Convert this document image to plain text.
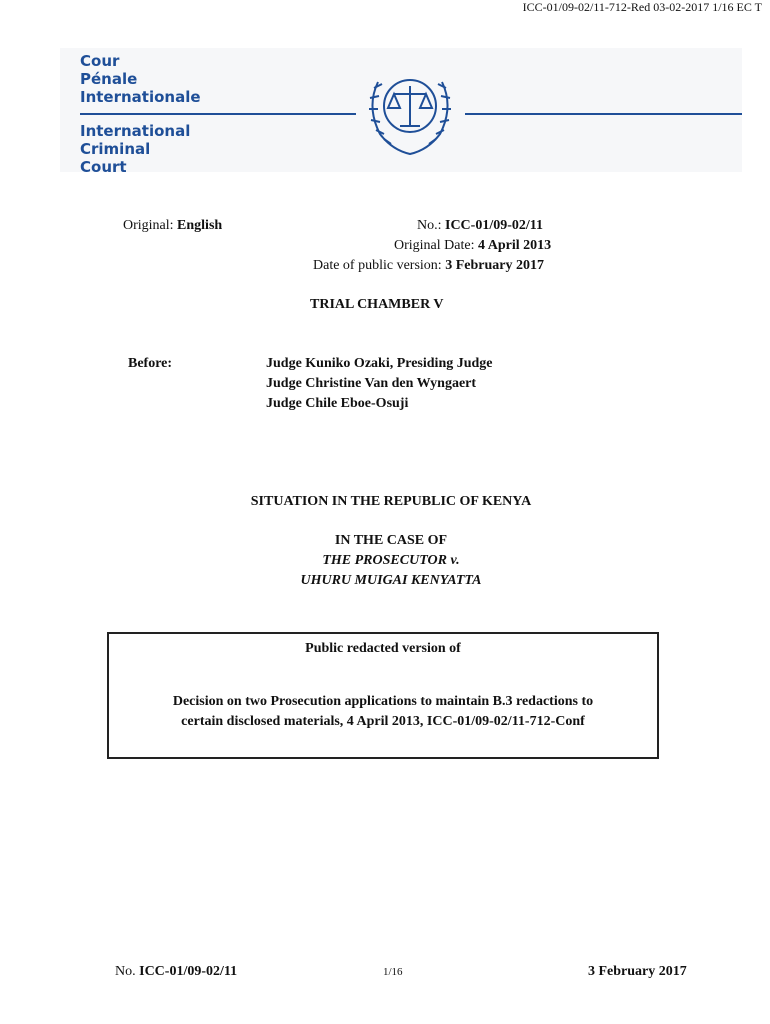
ICC-01/09-02/11-712-Red 03-02-2017 1/16 EC T
Cour
Pénale
Internationale
International
Criminal
Court
Original: English	No.: ICC-01/09-02/11
Original Date: 4 April 2013
Date of public version: 3 February 2017
TRIAL CHAMBER V
Before:	Judge Kuniko Ozaki, Presiding Judge
Judge Christine Van den Wyngaert
Judge Chile Eboe-Osuji
SITUATION IN THE REPUBLIC OF KENYA
IN THE CASE OF
THE PROSECUTOR v.
UHURU MUIGAI KENYATTA
Public redacted version of
Decision on two Prosecution applications to maintain B.3 redactions to
certain disclosed materials, 4 April 2013, ICC-01/09-02/11-712-Conf
No. ICC-01/09-02/11	1/16	3 February 2017
